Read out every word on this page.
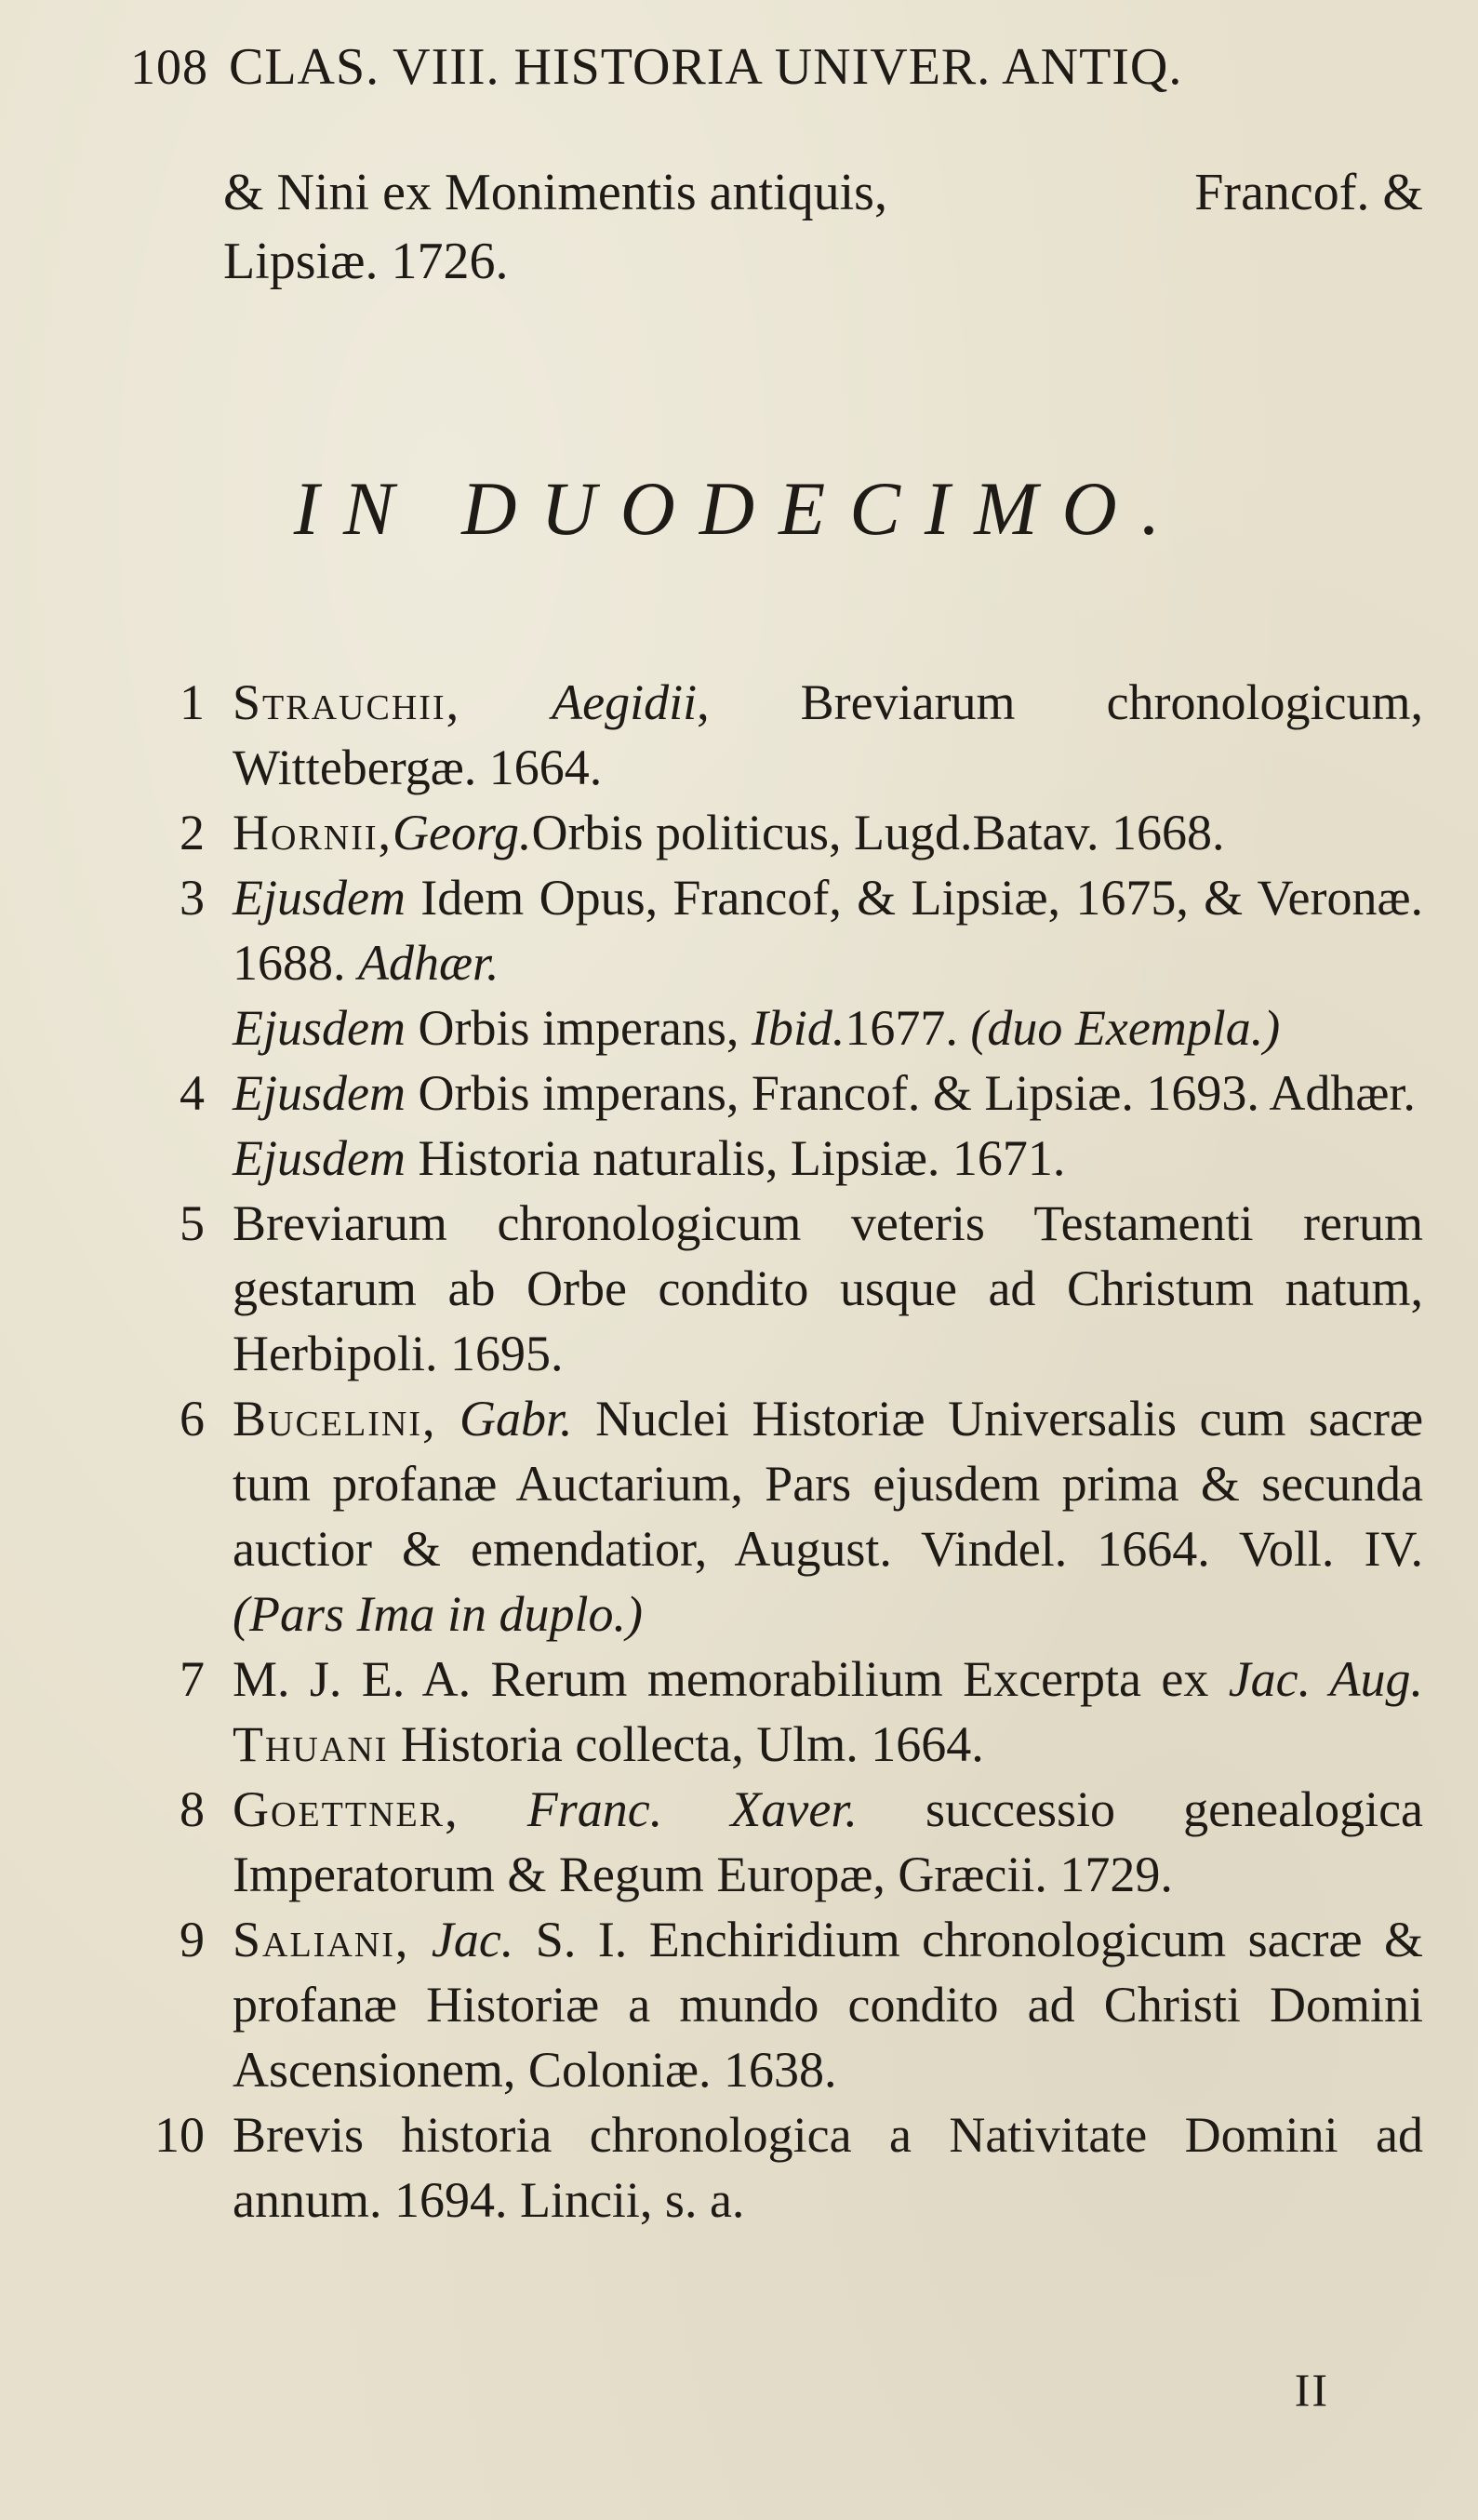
108 CLAS. VIII. HISTORIA UNIVER. ANTIQ.
& Nini ex Monimentis antiquis,	Francof. &
Lipsiæ. 1726.
IN DUODECIMO.
1 Strauchii, Aegidii, Breviarum chronologicum, Wittebergæ. 1664.
2 Hornii,Georg.Orbis politicus, Lugd.Batav. 1668.
3 Ejusdem Idem Opus, Francof, & Lipsiæ, 1675, & Veronæ. 1688. Adhær.
Ejusdem Orbis imperans, Ibid.1677. (duo Exempla.)
4 Ejusdem Orbis imperans, Francof. & Lipsiæ. 1693. Adhær.
Ejusdem Historia naturalis, Lipsiæ. 1671.
5 Breviarum chronologicum veteris Testamenti rerum gestarum ab Orbe condito usque ad Christum natum, Herbipoli. 1695.
6 Bucelini, Gabr. Nuclei Historiæ Universalis cum sacræ tum profanæ Auctarium, Pars ejusdem prima & secunda auctior & emendatior, August. Vindel. 1664. Voll. IV. (Pars Ima in duplo.)
7 M. J. E. A. Rerum memorabilium Excerpta ex Jac. Aug. Thuani Historia collecta, Ulm. 1664.
8 Goettner, Franc. Xaver. successio genealogica Imperatorum & Regum Europæ, Græcii. 1729.
9 Saliani, Jac. S. I. Enchiridium chronologicum sacræ & profanæ Historiæ a mundo condito ad Christi Domini Ascensionem, Coloniæ. 1638.
10 Brevis historia chronologica a Nativitate Domini ad annum. 1694. Lincii, s. a.
II
